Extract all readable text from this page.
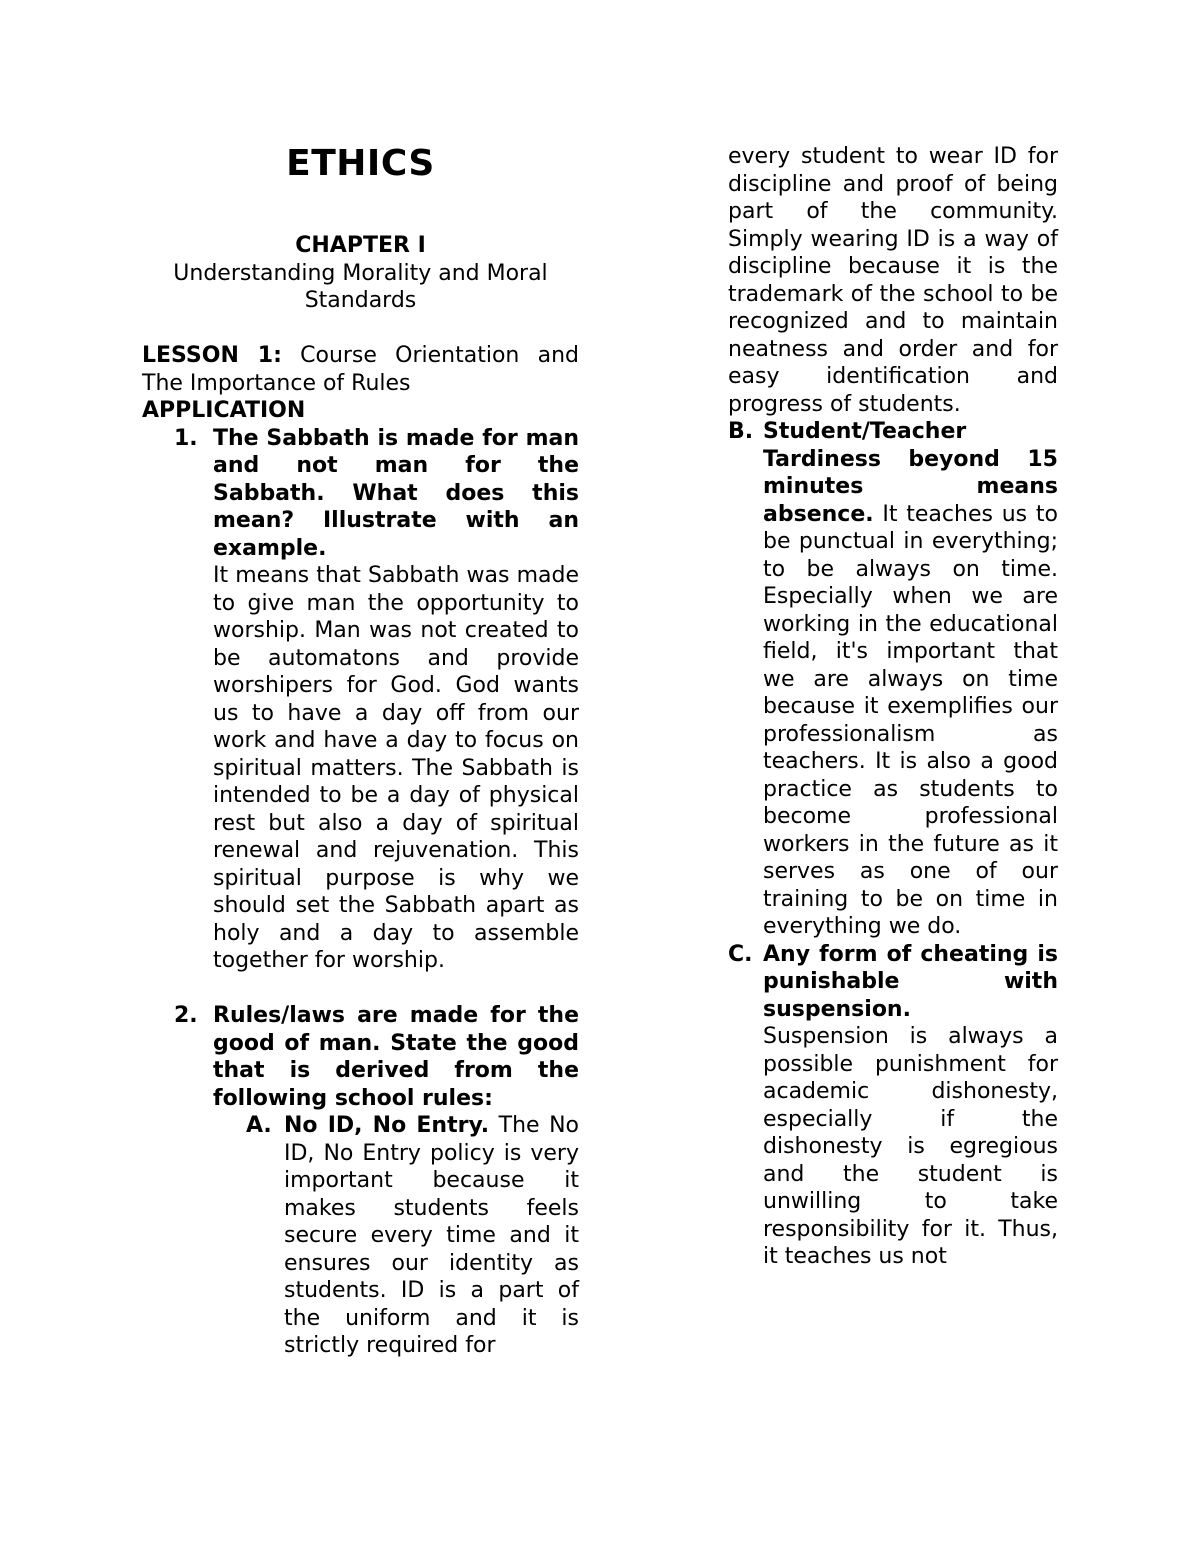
ETHICS

CHAPTER I

Understanding Morality and Moral Standards

LESSON 1: Course Orientation and The Importance of Rules

APPLICATION

1. The Sabbath is made for man and not man for the Sabbath. What does this mean? Illustrate with an example.

It means that Sabbath was made to give man the opportunity to worship. Man was not created to be automatons and provide worshipers for God. God wants us to have a day off from our work and have a day to focus on spiritual matters. The Sabbath is intended to be a day of physical rest but also a day of spiritual renewal and rejuvenation. This spiritual purpose is why we should set the Sabbath apart as holy and a day to assemble together for worship.

2. Rules/laws are made for the good of man. State the good that is derived from the following school rules:

A. No ID, No Entry. The No ID, No Entry policy is very important because it makes students feels secure every time and it ensures our identity as students. ID is a part of the uniform and it is strictly required for

every student to wear ID for discipline and proof of being part of the community. Simply wearing ID is a way of discipline because it is the trademark of the school to be recognized and to maintain neatness and order and for easy identification and progress of students.

B. Student/Teacher Tardiness beyond 15 minutes means absence. It teaches us to be punctual in everything; to be always on time. Especially when we are working in the educational field, it's important that we are always on time because it exemplifies our professionalism as teachers. It is also a good practice as students to become professional workers in the future as it serves as one of our training to be on time in everything we do.

C. Any form of cheating is punishable with suspension.

Suspension is always a possible punishment for academic dishonesty, especially if the dishonesty is egregious and the student is unwilling to take responsibility for it. Thus, it teaches us not
